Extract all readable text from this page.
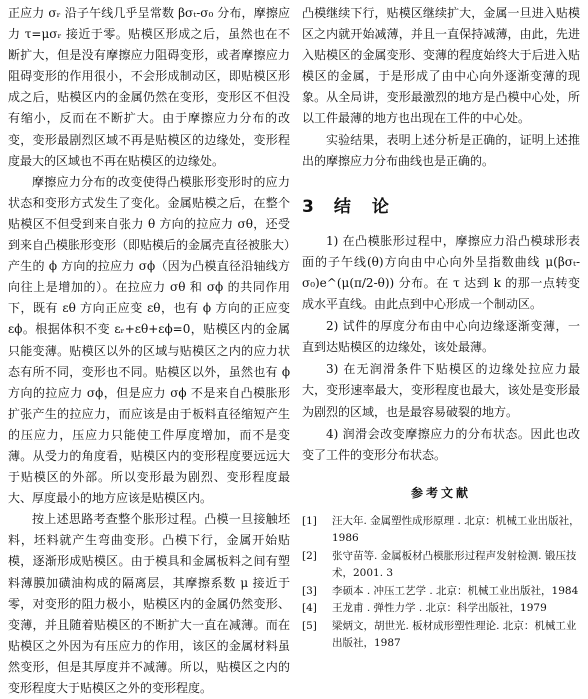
正应力 σᵣ 沿子午线几乎呈常数 βσₜ-σ₀ 分布，摩擦应力 τ=μσᵣ 接近于零。贴模区形成之后，虽然也在不断扩大，但是没有摩擦应力阻碍变形，或者摩擦应力阻碍变形的作用很小，不会形成制动区，即贴模区形成之后，贴模区内的金属仍然在变形，变形区不但没有缩小，反而在不断扩大。由于摩擦应力分布的改变，变形最剧烈区域不再是贴模区的边缘处，变形程度最大的区域也不再在贴模区的边缘处。

摩擦应力分布的改变使得凸模胀形变形时的应力状态和变形方式发生了变化。金属贴模之后，在整个贴模区不但受到来自张力 θ 方向的拉应力 σθ，还受到来自凸模胀形变形（即贴模后的金属壳直径被胀大）产生的 ϕ 方向的拉应力 σϕ（因为凸模直径沿轴线方向往上是增加的）。在拉应力 σθ 和 σϕ 的共同作用下，既有 εθ 方向正应变 εθ，也有 ϕ 方向的正应变 εϕ。根据体积不变 εᵣ+εθ+εϕ=0，贴模区内的金属只能变薄。贴模区以外的区域与贴模区之内的应力状态有所不同，变形也不同。贴模区以外，虽然也有 ϕ 方向的拉应力 σϕ，但是应力 σϕ 不是来自凸模胀形扩张产生的拉应力，而应该是由于板料直径缩短产生的压应力，压应力只能使工件厚度增加，而不是变薄。从受力的角度看，贴模区内的变形程度要远远大于贴模区的外部。所以变形最为剧烈、变形程度最大、厚度最小的地方应该是贴模区内。

按上述思路考查整个胀形过程。凸模一旦接触坯料，坯料就产生弯曲变形。凸模下行，金属开始贴模，逐渐形成贴模区。由于模具和金属板料之间有塑料薄膜加磺油构成的隔离层，其摩擦系数 μ 接近于零，对变形的阻力极小，贴模区内的金属仍然变形、变薄，并且随着贴模区的不断扩大一直在减薄。而在贴模区之外因为有压应力的作用，该区的金属材料虽然变形，但是其厚度并不减薄。所以，贴模区之内的变形程度大于贴模区之外的变形程度。

凸模继续下行，贴模区继续扩大，金属一旦进入贴模区之内就开始减薄，并且一直保持减薄，由此，先进入贴模区的金属变形、变薄的程度始终大于后进入贴模区的金属，于是形成了由中心向外逐渐变薄的现象。从全局讲，变形最激烈的地方是凸模中心处，所以工件最薄的地方也出现在工件的中心处。

实验结果，表明上述分析是正确的，证明上述推出的摩擦应力分布曲线也是正确的。

3 结　论

1) 在凸模胀形过程中，摩擦应力沿凸模球形表面的子午线(θ)方向由中心向外呈指数曲线 μ(βσₜ-σ₀)e^(μ(π/2-θ)) 分布。在 τ 达到 k 的那一点转变成水平直线。由此点到中心形成一个制动区。

2) 试件的厚度分布由中心向边缘逐渐变薄，一直到达贴模区的边缘处，该处最薄。

3) 在无润滑条件下贴模区的边缘处拉应力最大，变形速率最大，变形程度也最大，该处是变形最为剧烈的区域，也是最容易破裂的地方。

4) 润滑会改变摩擦应力的分布状态。因此也改变了工件的变形分布状态。

参考文献
[1]	汪大年. 金属塑性成形原理 . 北京：机械工业出版社，1986
[2]	张守苗等. 金属板材凸模胀形过程声发射检测. 锻压技术，2001. 3
[3]	李硕本 . 冲压工艺学 . 北京：机械工业出版社，1984
[4]	王龙甫 . 弹性力学 . 北京：科学出版社，1979
[5]	梁炳文，胡世光. 板材成形塑性理论. 北京：机械工业出版社，1987
